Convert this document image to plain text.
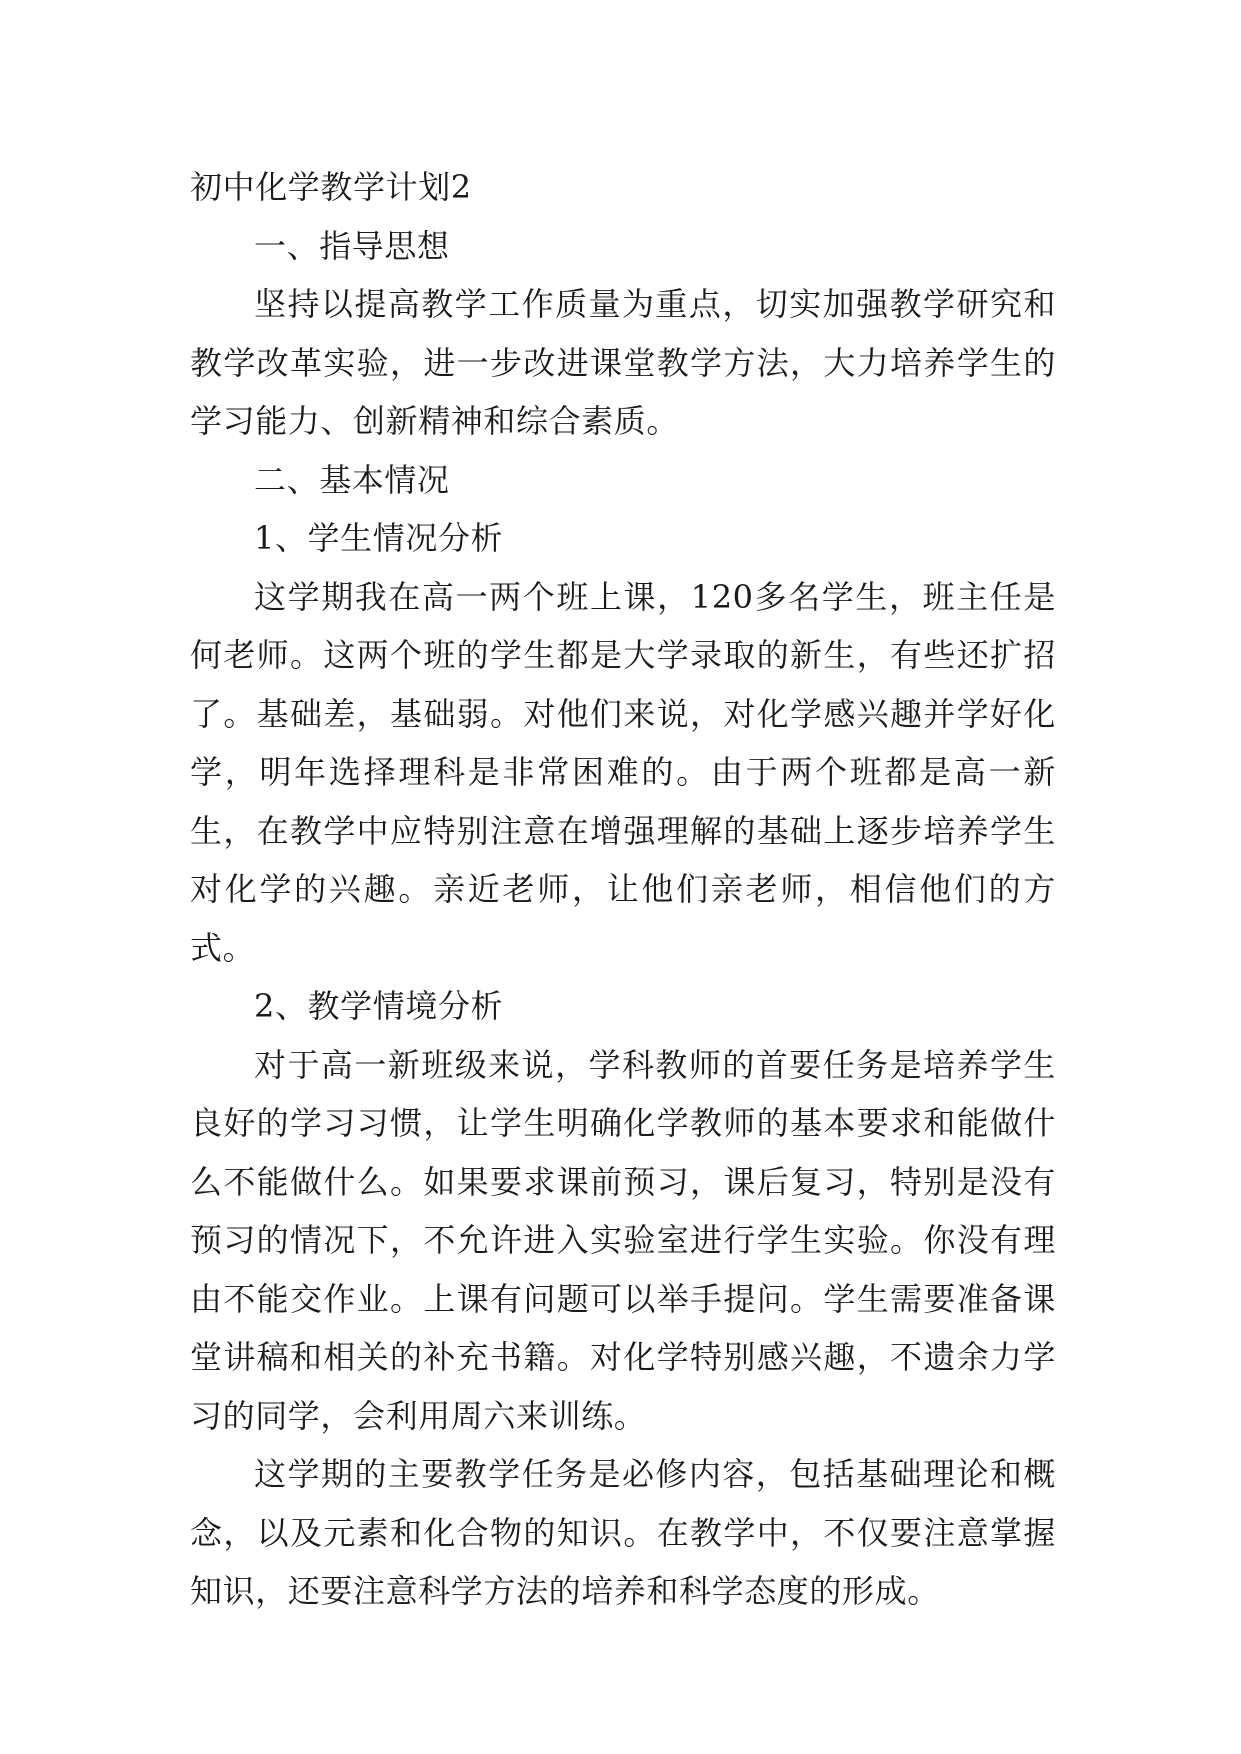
初中化学教学计划2
一、指导思想
坚持以提高教学工作质量为重点，切实加强教学研究和教学改革实验，进一步改进课堂教学方法，大力培养学生的学习能力、创新精神和综合素质。
二、基本情况
1、学生情况分析
这学期我在高一两个班上课，120多名学生，班主任是何老师。这两个班的学生都是大学录取的新生，有些还扩招了。基础差，基础弱。对他们来说，对化学感兴趣并学好化学，明年选择理科是非常困难的。由于两个班都是高一新生，在教学中应特别注意在增强理解的基础上逐步培养学生对化学的兴趣。亲近老师，让他们亲老师，相信他们的方式。
2、教学情境分析
对于高一新班级来说，学科教师的首要任务是培养学生良好的学习习惯，让学生明确化学教师的基本要求和能做什么不能做什么。如果要求课前预习，课后复习，特别是没有预习的情况下，不允许进入实验室进行学生实验。你没有理由不能交作业。上课有问题可以举手提问。学生需要准备课堂讲稿和相关的补充书籍。对化学特别感兴趣，不遗余力学习的同学，会利用周六来训练。
这学期的主要教学任务是必修内容，包括基础理论和概念，以及元素和化合物的知识。在教学中，不仅要注意掌握知识，还要注意科学方法的培养和科学态度的形成。
